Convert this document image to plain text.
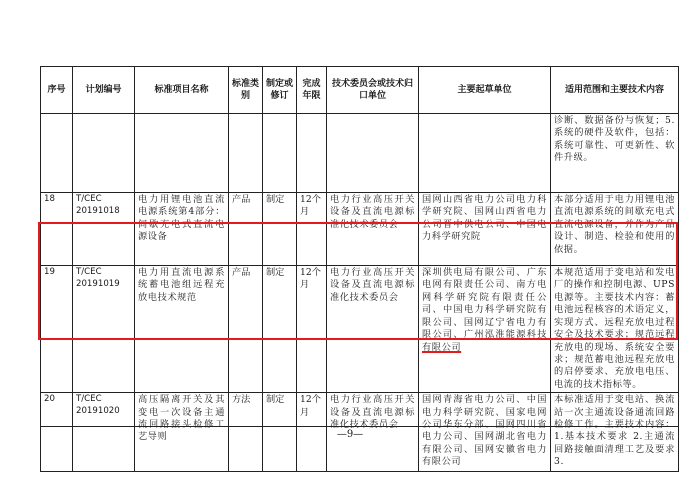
序号	计划编号	标准项目名称	标准类别	制定或修订	完成年限	技术委员会或技术归口单位	主要起草单位	适用范围和主要技术内容
								诊断、数据备份与恢复；5.系统的硬件及软件，包括：系统可靠性、可更新性、软件升级。
18	T/CEC 20191018	电力用锂电池直流电源系统第4部分：间歇充电式直流电源设备	产品	制定	12个月	电力行业高压开关设备及直流电源标准化技术委员会	国网山西省电力公司电力科学研究院、国网山西省电力公司晋中供电公司、中国电力科学研究院	本部分适用于电力用锂电池直流电源系统的间歇充电式直流电源设备，并作为产品设计、制造、检验和使用的依据。
19	T/CEC 20191019	电力用直流电源系统蓄电池组远程充放电技术规范	产品	制定	12个月	电力行业高压开关设备及直流电源标准化技术委员会	深圳供电局有限公司、广东电网有限责任公司、南方电网科学研究院有限责任公司、中国电力科学研究院有限公司、国网辽宁省电力有限公司、广州泓淮能源科技有限公司	本规范适用于变电站和发电厂的操作和控制电源、UPS电源等。主要技术内容：蓄电池远程核容的术语定义，实现方式、远程充放电过程安全及技术要求；规范远程充放电的现场、系统安全要求；规范蓄电池远程充放电的启停要求、充放电电压、电流的技术指标等。
20	T/CEC 20191020	高压隔离开关及其变电一次设备主通流回路接头检修工艺导则	方法	制定	12个月	电力行业高压开关设备及直流电源标准化技术委员会	国网青海省电力公司、中国电力科学研究院、国家电网公司华东分部、国网四川省电力公司、国网湖北省电力有限公司、国网安徽省电力有限公司	本标准适用于变电站、换流站一次主通流设备通流回路检修工作。主要技术内容：1.基本技术要求 2.主通流回路接触面清理工艺及要求 3.
—9—
